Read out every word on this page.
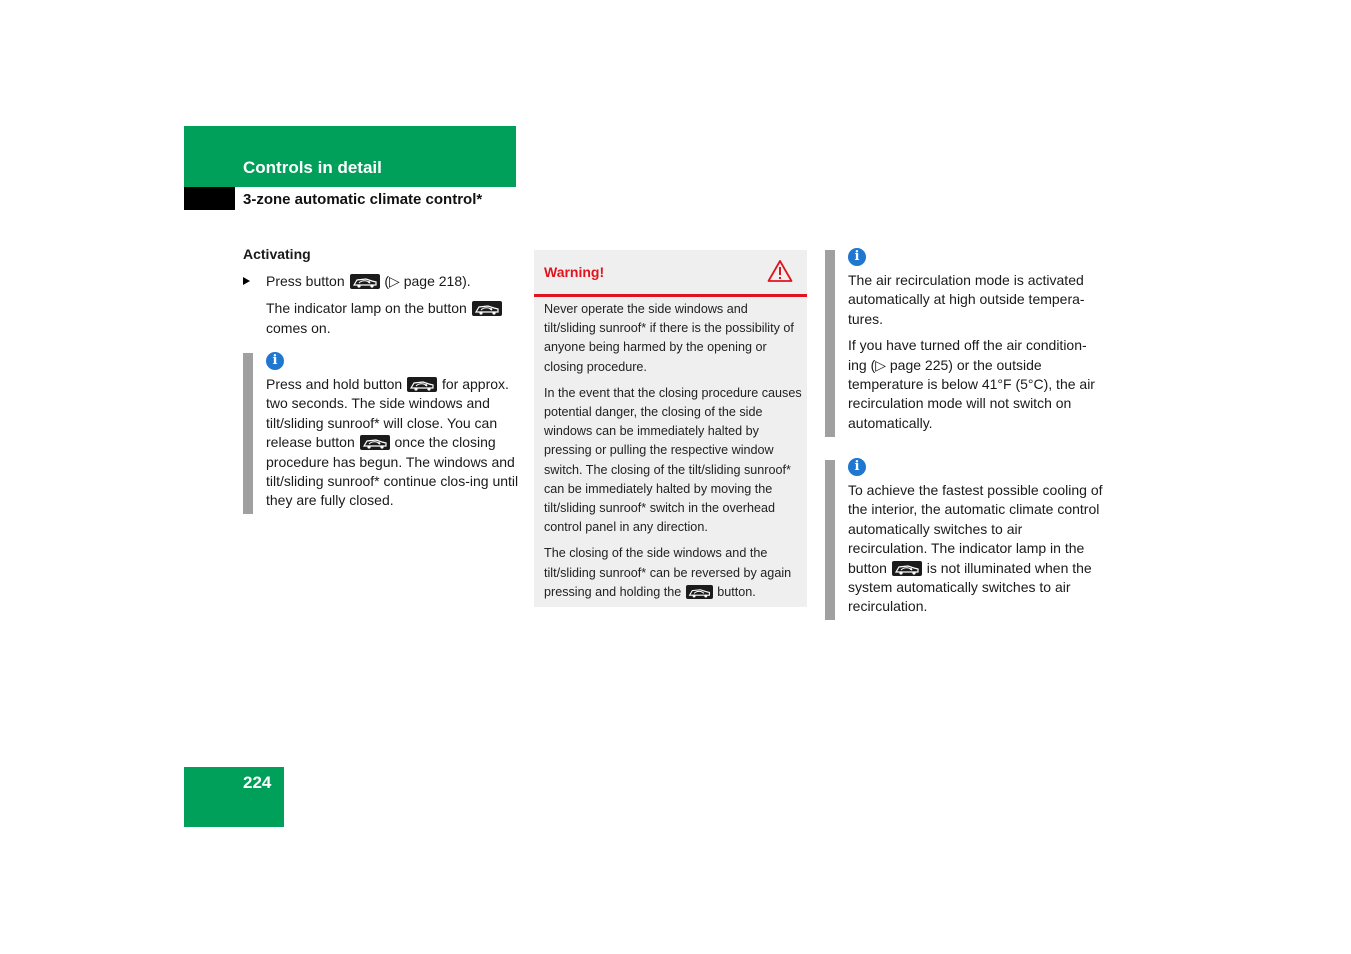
Controls in detail
3-zone automatic climate control*
Activating

Press button	(▷ page 218).

The indicator lamp on the button
comes on.

i
Press and hold button	for approx. two seconds. The side windows and tilt/sliding sunroof* will close. You can release button	once the closing procedure has begun. The windows and tilt/sliding sunroof* continue clos-ing until they are fully closed.
Warning!

Never operate the side windows and tilt/sliding sunroof* if there is the possibility of anyone being harmed by the opening or closing procedure.

In the event that the closing procedure causes potential danger, the closing of the side windows can be immediately halted by pressing or pulling the respective window switch. The closing of the tilt/sliding sunroof* can be immediately halted by moving the tilt/sliding sunroof* switch in the overhead control panel in any direction.

The closing of the side windows and the tilt/sliding sunroof* can be reversed by again pressing and holding the	button.

i

The air recirculation mode is activated automatically at high outside tempera-tures.

If you have turned off the air condition-ing (▷ page 225) or the outside temperature is below 41°F (5°C), the air recirculation mode will not switch on automatically.

i
To achieve the fastest possible cooling of the interior, the automatic climate control automatically switches to air recirculation. The indicator lamp in the button	is not illuminated when the system automatically switches to air recirculation.
224
